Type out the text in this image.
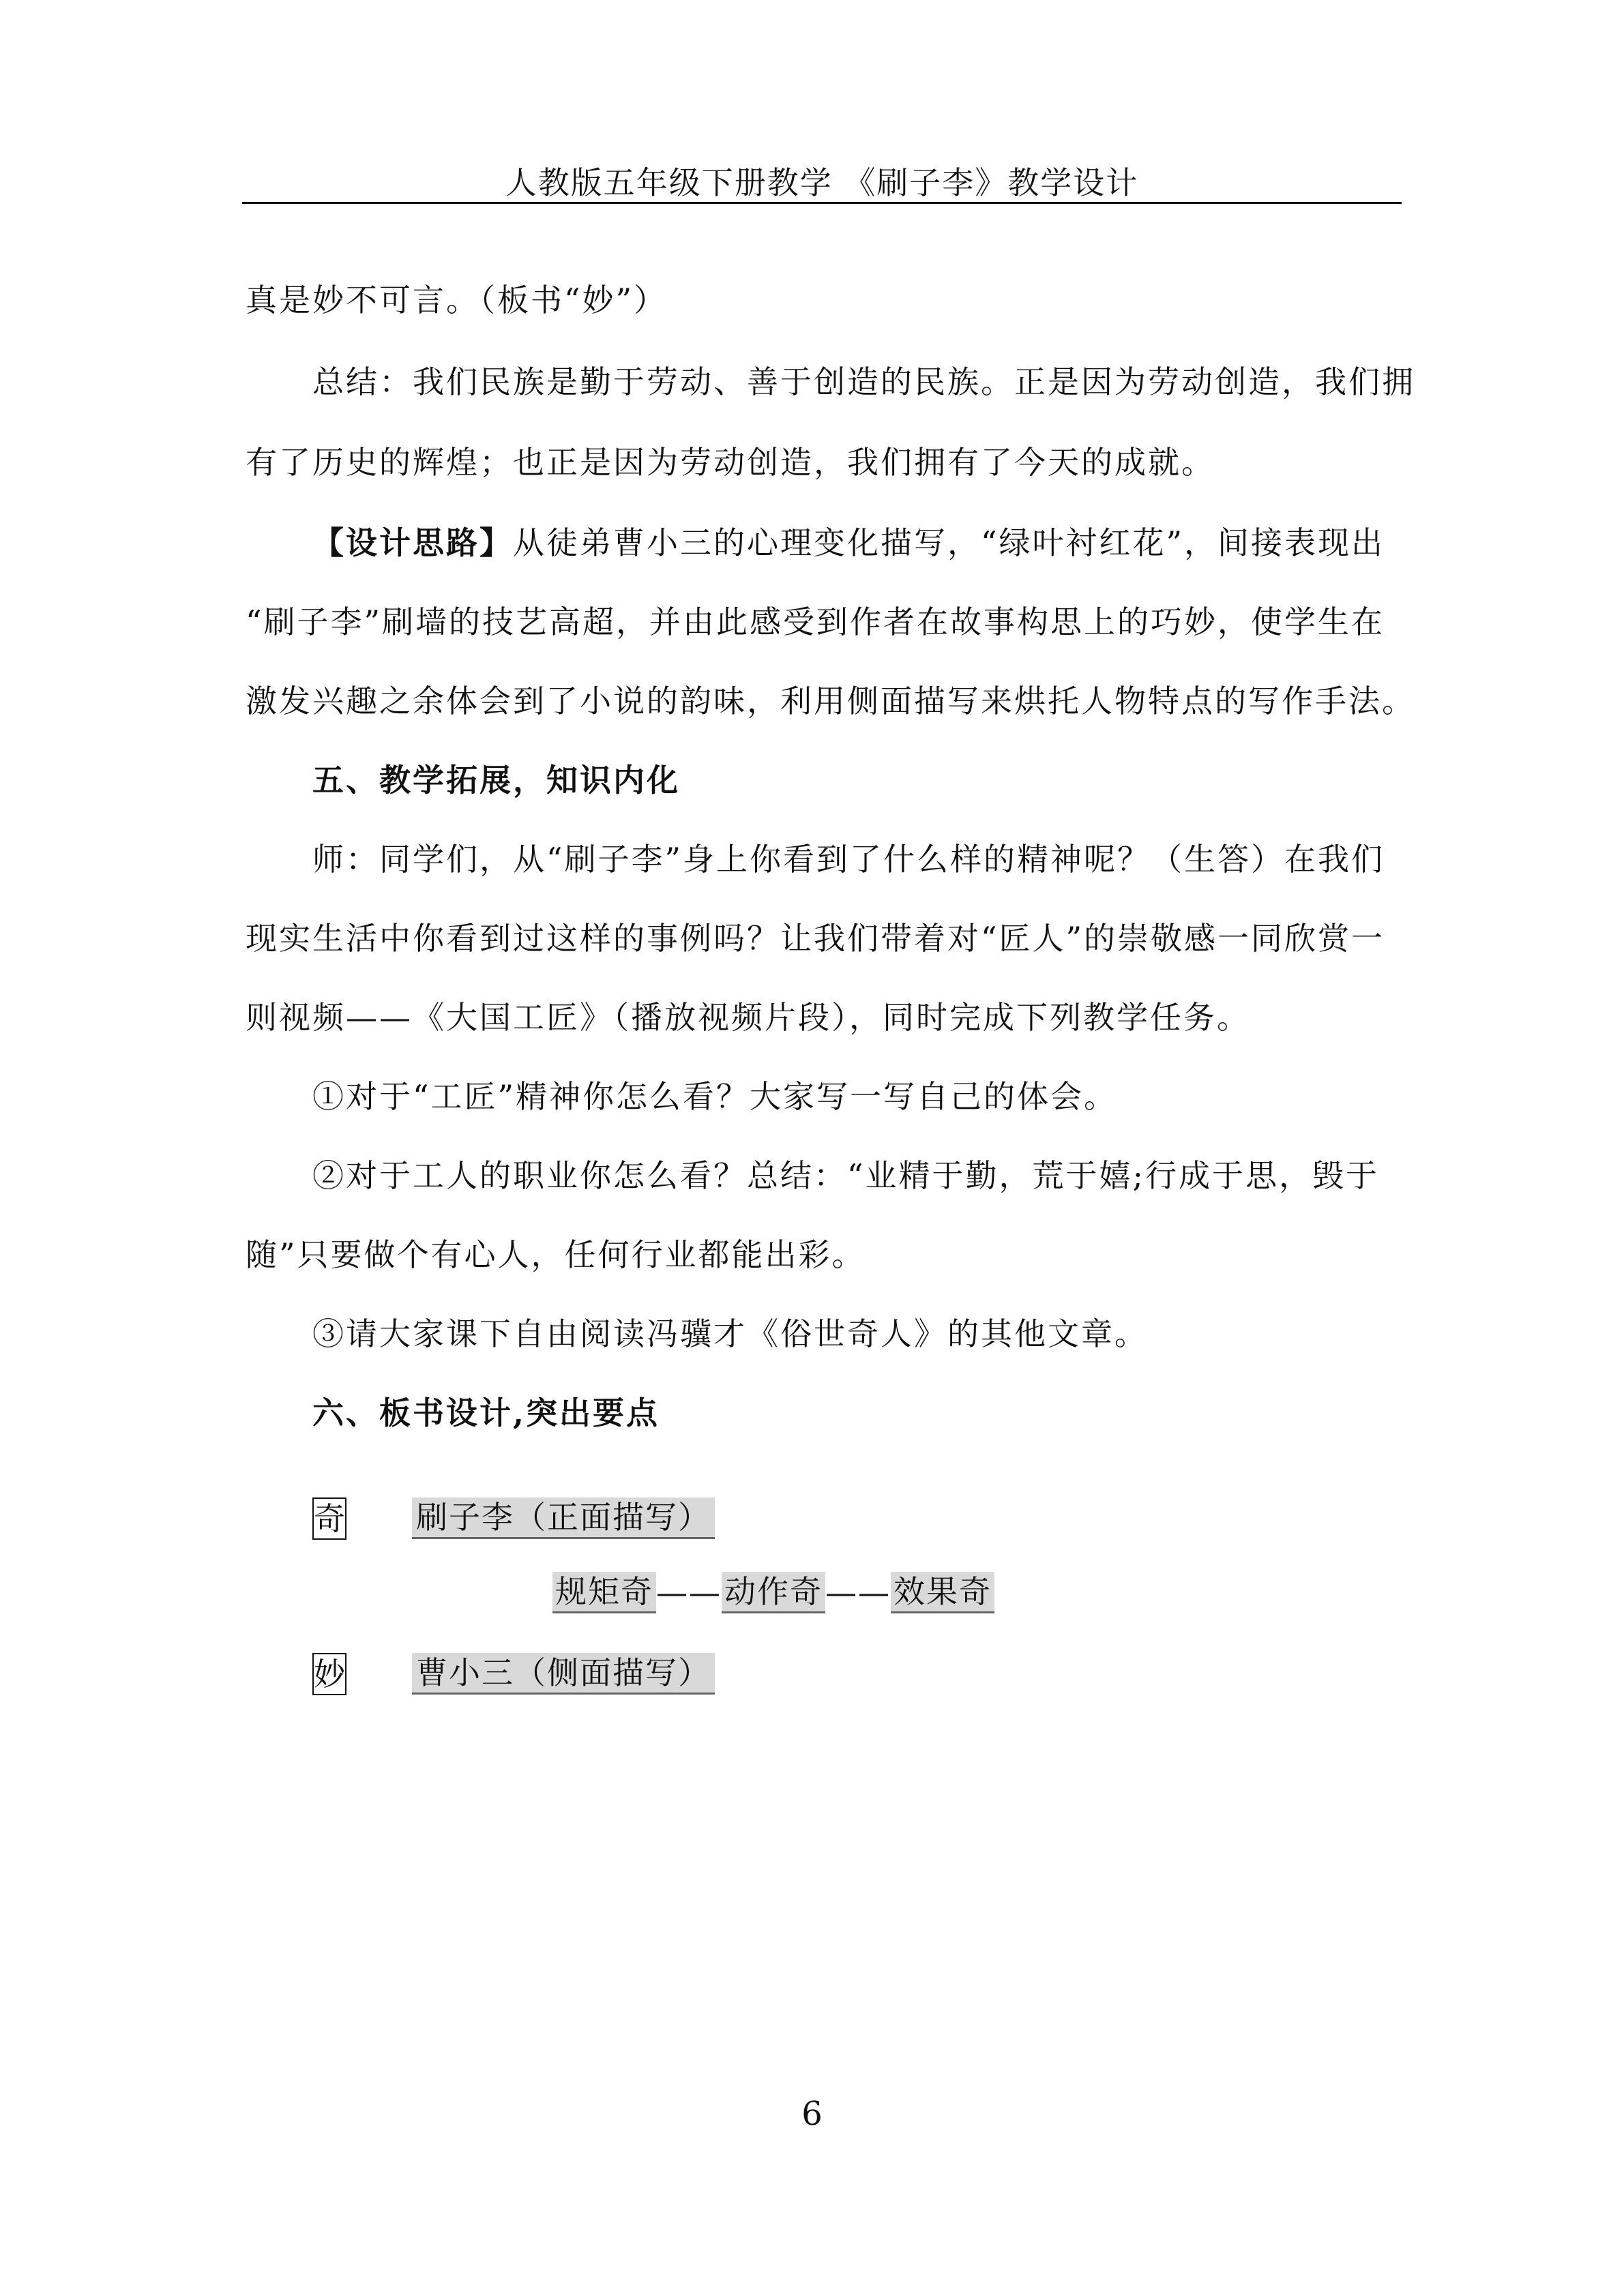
人教版五年级下册教学 《刷子李》教学设计
真是妙不可言。（板书“妙”）
总结：我们民族是勤于劳动、善于创造的民族。正是因为劳动创造，我们拥
有了历史的辉煌；也正是因为劳动创造，我们拥有了今天的成就。
【设计思路】从徒弟曹小三的心理变化描写，“绿叶衬红花”，间接表现出
“刷子李”刷墙的技艺高超，并由此感受到作者在故事构思上的巧妙，使学生在
激发兴趣之余体会到了小说的韵味，利用侧面描写来烘托人物特点的写作手法。
五、教学拓展，知识内化
师：同学们，从“刷子李”身上你看到了什么样的精神呢？（生答）在我们
现实生活中你看到过这样的事例吗？让我们带着对“匠人”的崇敬感一同欣赏一
则视频——《大国工匠》（播放视频片段），同时完成下列教学任务。
①对于“工匠”精神你怎么看？大家写一写自己的体会。
②对于工人的职业你怎么看？总结：“业精于勤，荒于嬉;行成于思，毁于
随”只要做个有心人，任何行业都能出彩。
③请大家课下自由阅读冯骥才《俗世奇人》的其他文章。
六、板书设计,突出要点
奇 刷子李（正面描写）
规矩奇 —— 动作奇 —— 效果奇
妙 曹小三（侧面描写）
6
